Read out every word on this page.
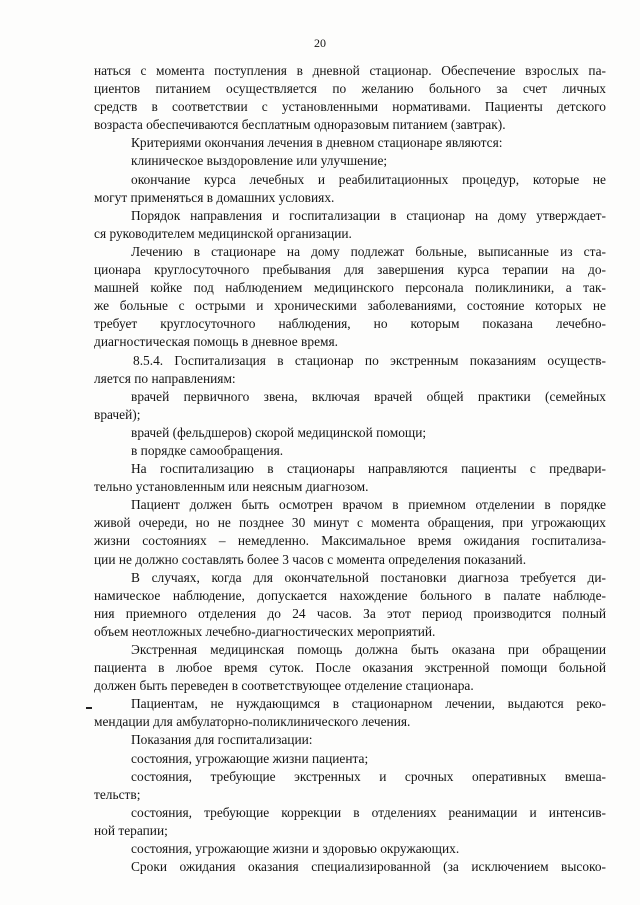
20
наться с момента поступления в дневной стационар. Обеспечение взрослых па-
циентов питанием осуществляется по желанию больного за счет личных
средств в соответствии с установленными нормативами. Пациенты детского
возраста обеспечиваются бесплатным одноразовым питанием (завтрак).
Критериями окончания лечения в дневном стационаре являются:
клиническое выздоровление или улучшение;
окончание курса лечебных и реабилитационных процедур, которые не
могут применяться в домашних условиях.
Порядок направления и госпитализации в стационар на дому утверждает-
ся руководителем медицинской организации.
Лечению в стационаре на дому подлежат больные, выписанные из ста-
ционара круглосуточного пребывания для завершения курса терапии на до-
машней койке под наблюдением медицинского персонала поликлиники, а так-
же больные с острыми и хроническими заболеваниями, состояние которых не
требует круглосуточного наблюдения, но которым показана лечебно-
диагностическая помощь в дневное время.
8.5.4. Госпитализация в стационар по экстренным показаниям осуществ-
ляется по направлениям:
врачей первичного звена, включая врачей общей практики (семейных
врачей);
врачей (фельдшеров) скорой медицинской помощи;
в порядке самообращения.
На госпитализацию в стационары направляются пациенты с предвари-
тельно установленным или неясным диагнозом.
Пациент должен быть осмотрен врачом в приемном отделении в порядке
живой очереди, но не позднее 30 минут с момента обращения, при угрожающих
жизни состояниях – немедленно. Максимальное время ожидания госпитализа-
ции не должно составлять более 3 часов с момента определения показаний.
В случаях, когда для окончательной постановки диагноза требуется ди-
намическое наблюдение, допускается нахождение больного в палате наблюде-
ния приемного отделения до 24 часов. За этот период производится полный
объем неотложных лечебно-диагностических мероприятий.
Экстренная медицинская помощь должна быть оказана при обращении
пациента в любое время суток. После оказания экстренной помощи больной
должен быть переведен в соответствующее отделение стационара.
Пациентам, не нуждающимся в стационарном лечении, выдаются реко-
мендации для амбулаторно-поликлинического лечения.
Показания для госпитализации:
состояния, угрожающие жизни пациента;
состояния, требующие экстренных и срочных оперативных вмеша-
тельств;
состояния, требующие коррекции в отделениях реанимации и интенсив-
ной терапии;
состояния, угрожающие жизни и здоровью окружающих.
Сроки ожидания оказания специализированной (за исключением высоко-
